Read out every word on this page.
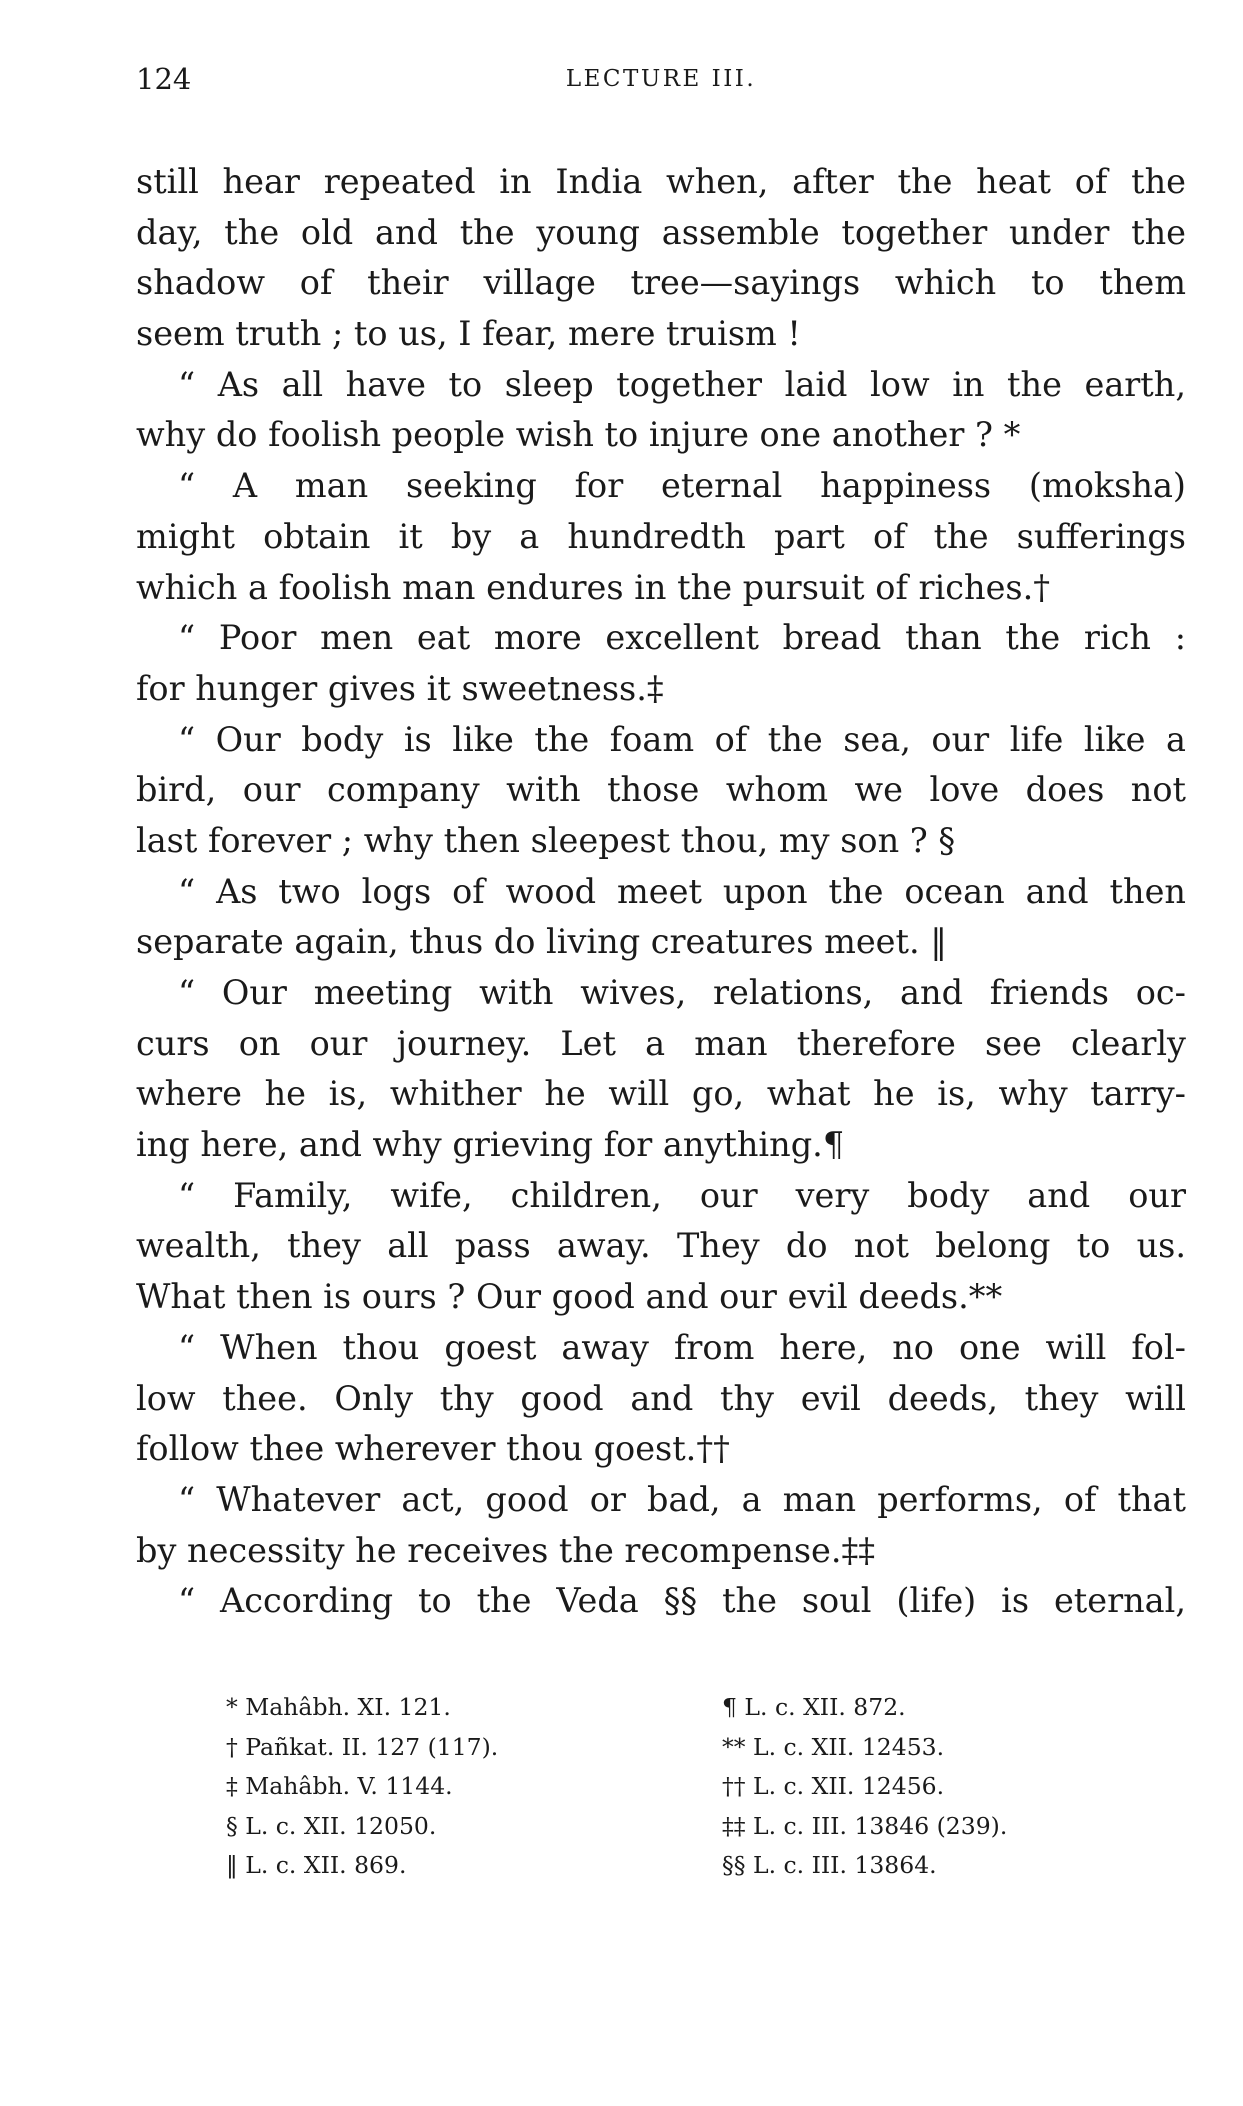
124	LECTURE III.
still hear repeated in India when, after the heat of the
day, the old and the young assemble together under the
shadow of their village tree—sayings which to them
seem truth ; to us, I fear, mere truism !
“ As all have to sleep together laid low in the earth,
why do foolish people wish to injure one another ? *
“ A man seeking for eternal happiness (moksha)
might obtain it by a hundredth part of the sufferings
which a foolish man endures in the pursuit of riches.†
“ Poor men eat more excellent bread than the rich :
for hunger gives it sweetness.‡
“ Our body is like the foam of the sea, our life like a
bird, our company with those whom we love does not
last forever ; why then sleepest thou, my son ? §
“ As two logs of wood meet upon the ocean and then
separate again, thus do living creatures meet. ‖
“ Our meeting with wives, relations, and friends oc-
curs on our journey. Let a man therefore see clearly
where he is, whither he will go, what he is, why tarry-
ing here, and why grieving for anything.¶
“ Family, wife, children, our very body and our
wealth, they all pass away. They do not belong to us.
What then is ours ? Our good and our evil deeds.**
“ When thou goest away from here, no one will fol-
low thee. Only thy good and thy evil deeds, they will
follow thee wherever thou goest.††
“ Whatever act, good or bad, a man performs, of that
by necessity he receives the recompense.‡‡
“ According to the Veda §§ the soul (life) is eternal,
* Mahâbh. XI. 121.
† Pañkat. II. 127 (117).
‡ Mahâbh. V. 1144.
§ L. c. XII. 12050.
‖ L. c. XII. 869.
¶ L. c. XII. 872.
** L. c. XII. 12453.
†† L. c. XII. 12456.
‡‡ L. c. III. 13846 (239).
§§ L. c. III. 13864.
